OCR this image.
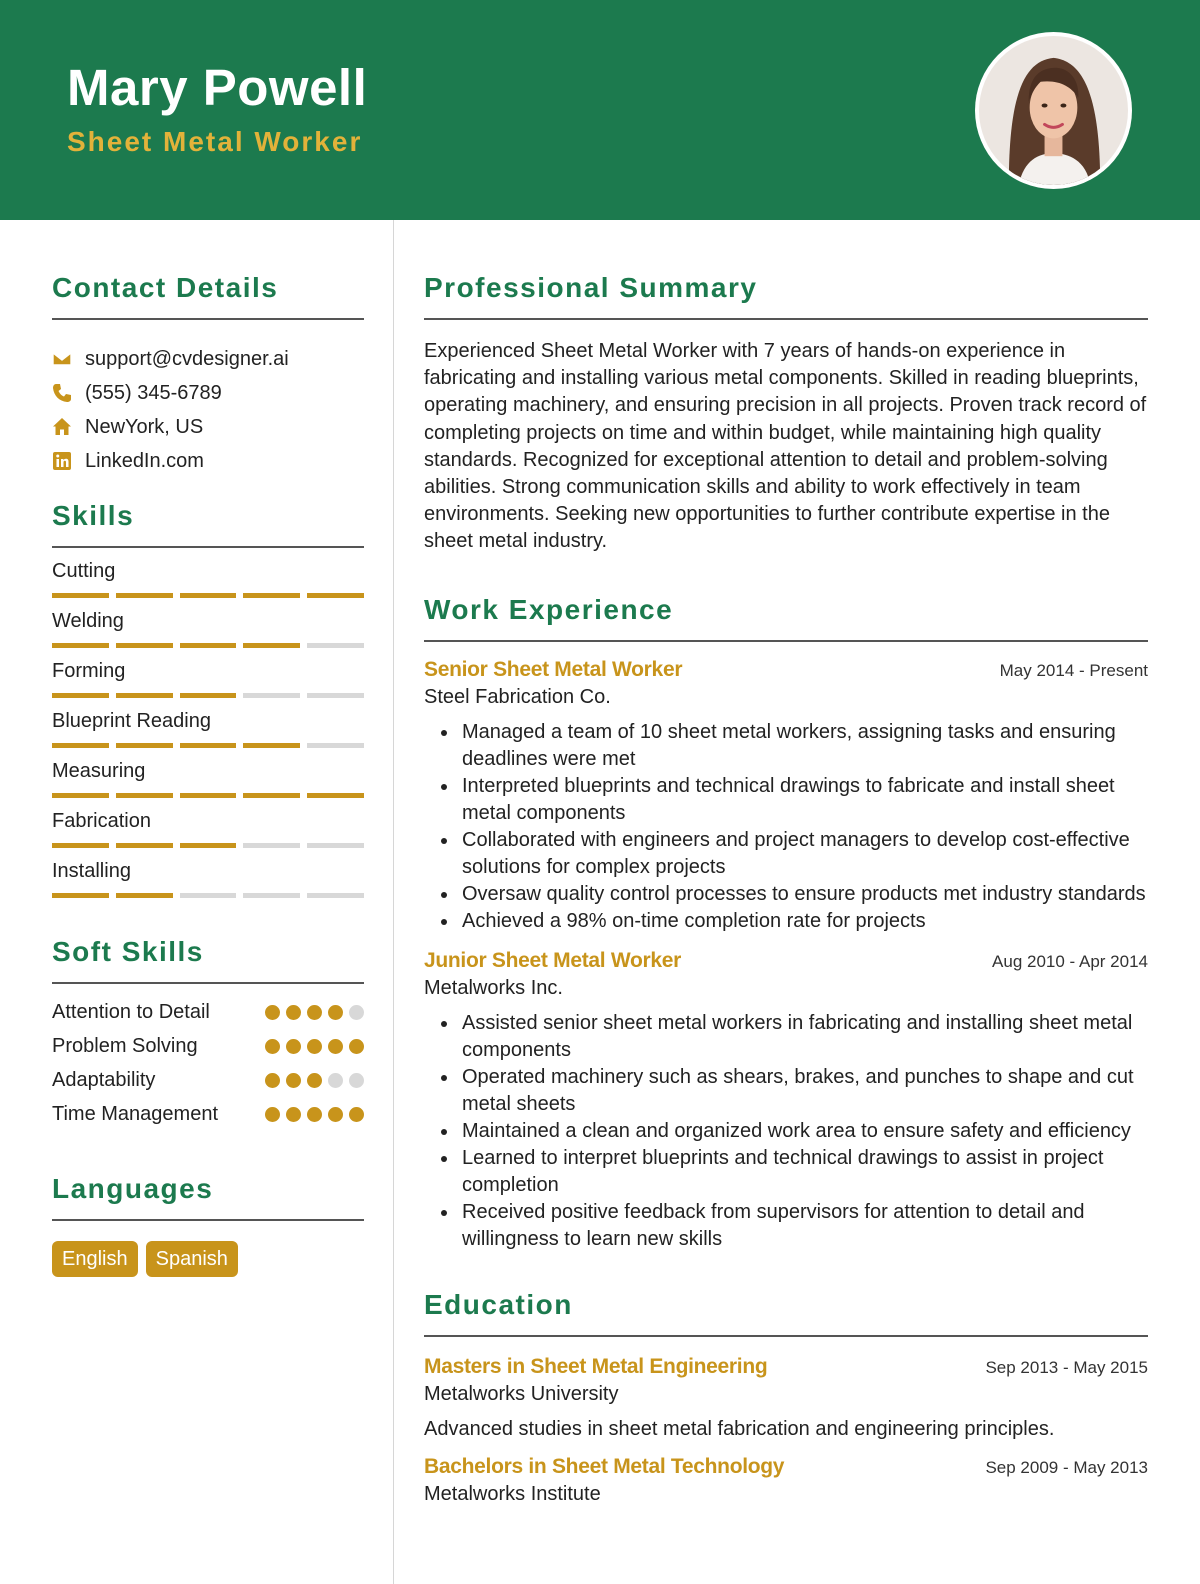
Mary Powell
Sheet Metal Worker
Contact Details
support@cvdesigner.ai
(555) 345-6789
NewYork, US
LinkedIn.com
Skills
Cutting
Welding
Forming
Blueprint Reading
Measuring
Fabrication
Installing
Soft Skills
Attention to Detail
Problem Solving
Adaptability
Time Management
Languages
English	Spanish
Professional Summary

Experienced Sheet Metal Worker with 7 years of hands-on experience in fabricating and installing various metal components. Skilled in reading blueprints, operating machinery, and ensuring precision in all projects. Proven track record of completing projects on time and within budget, while maintaining high quality standards. Recognized for exceptional attention to detail and problem-solving abilities. Strong communication skills and ability to work effectively in team environments. Seeking new opportunities to further contribute expertise in the sheet metal industry.

Work Experience
Senior Sheet Metal Worker	May 2014 - Present
Steel Fabrication Co.
Managed a team of 10 sheet metal workers, assigning tasks and ensuring deadlines were met
Interpreted blueprints and technical drawings to fabricate and install sheet metal components
Collaborated with engineers and project managers to develop cost-effective solutions for complex projects
Oversaw quality control processes to ensure products met industry standards
Achieved a 98% on-time completion rate for projects
Junior Sheet Metal Worker	Aug 2010 - Apr 2014
Metalworks Inc.
Assisted senior sheet metal workers in fabricating and installing sheet metal components
Operated machinery such as shears, brakes, and punches to shape and cut metal sheets
Maintained a clean and organized work area to ensure safety and efficiency
Learned to interpret blueprints and technical drawings to assist in project completion
Received positive feedback from supervisors for attention to detail and willingness to learn new skills
Education
Masters in Sheet Metal Engineering	Sep 2013 - May 2015
Metalworks University
Advanced studies in sheet metal fabrication and engineering principles.
Bachelors in Sheet Metal Technology	Sep 2009 - May 2013
Metalworks Institute
